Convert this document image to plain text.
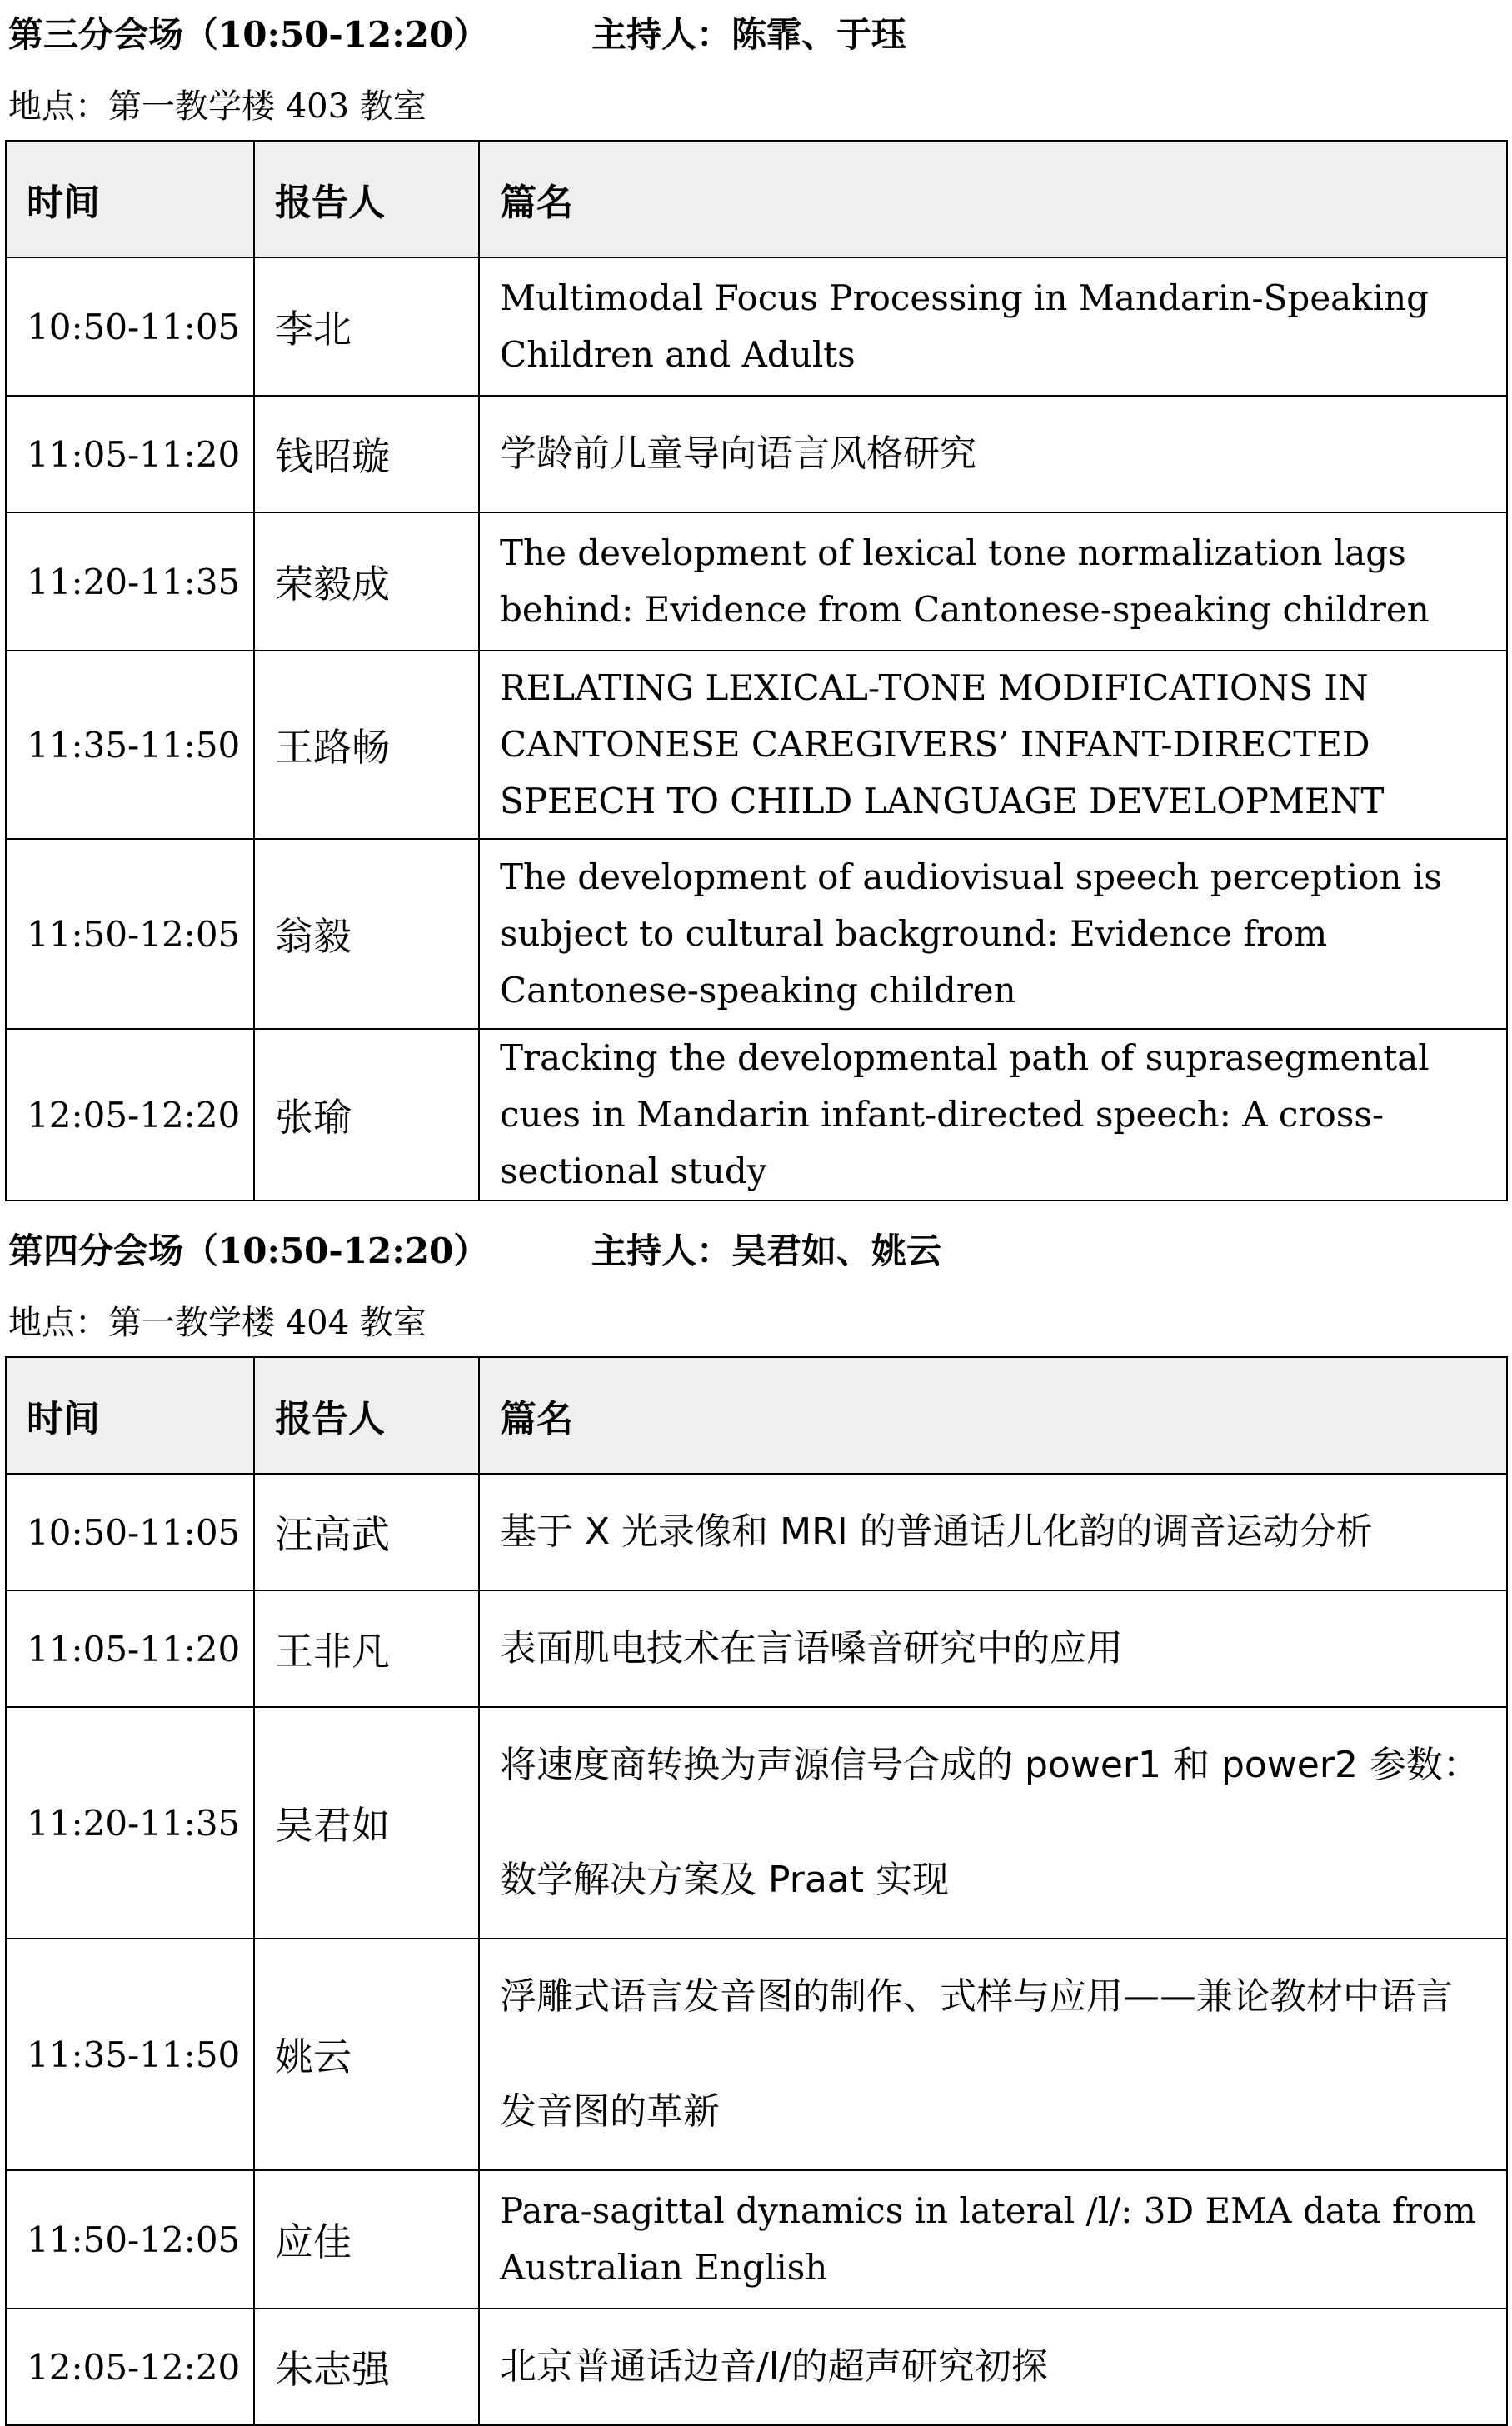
第三分会场（10:50-12:20）	主持人：陈霏、于珏
地点：第一教学楼 403 教室
时间	报告人	篇名
10:50-11:05	李北	Multimodal Focus Processing in Mandarin-Speaking Children and Adults
11:05-11:20	钱昭璇	学龄前儿童导向语言风格研究
11:20-11:35	荣毅成	The development of lexical tone normalization lags behind: Evidence from Cantonese-speaking children
11:35-11:50	王路畅	RELATING LEXICAL-TONE MODIFICATIONS IN CANTONESE CAREGIVERS’ INFANT-DIRECTED SPEECH TO CHILD LANGUAGE DEVELOPMENT
11:50-12:05	翁毅	The development of audiovisual speech perception is subject to cultural background: Evidence from Cantonese-speaking children
12:05-12:20	张瑜	Tracking the developmental path of suprasegmental cues in Mandarin infant-directed speech: A cross-sectional study
第四分会场（10:50-12:20）	主持人：吴君如、姚云
地点：第一教学楼 404 教室
时间	报告人	篇名
10:50-11:05	汪高武	基于 X 光录像和 MRI 的普通话儿化韵的调音运动分析
11:05-11:20	王非凡	表面肌电技术在言语嗓音研究中的应用
11:20-11:35	吴君如	将速度商转换为声源信号合成的 power1 和 power2 参数：数学解决方案及 Praat 实现
11:35-11:50	姚云	浮雕式语言发音图的制作、式样与应用——兼论教材中语言发音图的革新
11:50-12:05	应佳	Para-sagittal dynamics in lateral /l/: 3D EMA data from Australian English
12:05-12:20	朱志强	北京普通话边音/l/的超声研究初探
